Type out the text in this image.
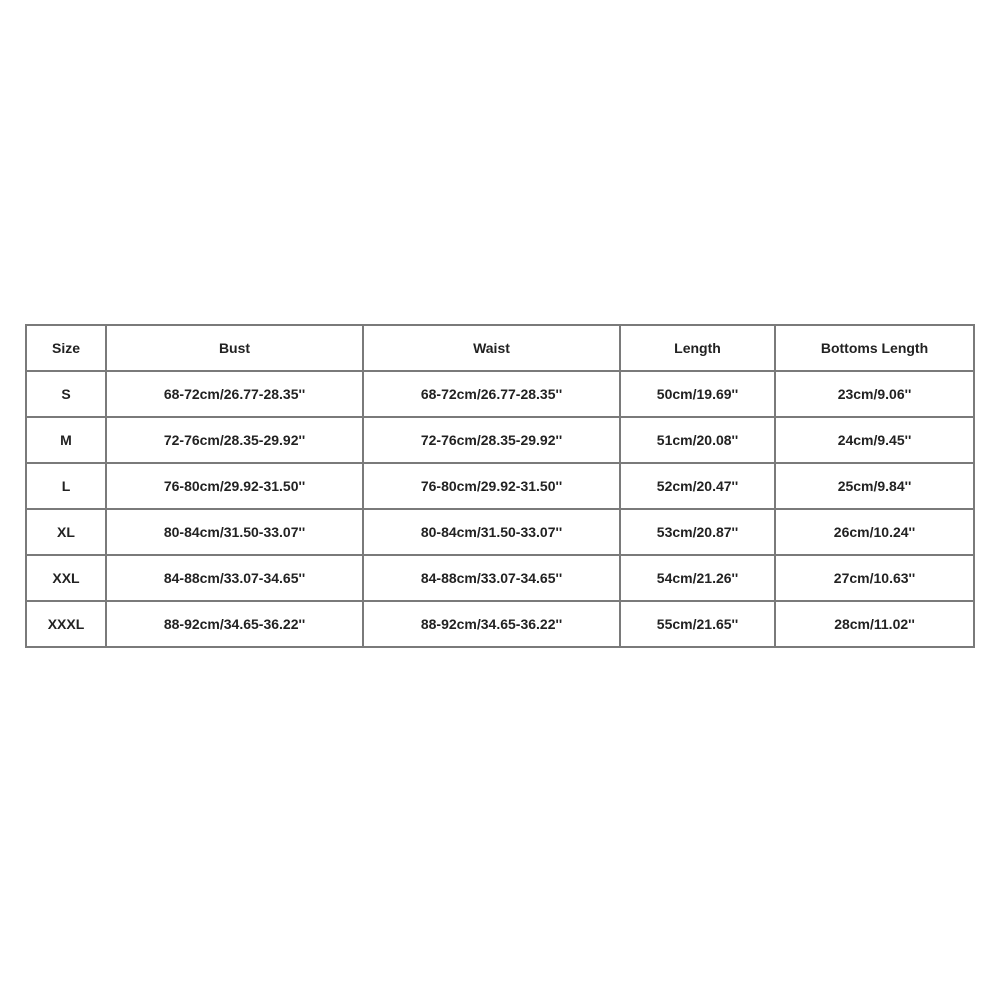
Size	Bust	Waist	Length	Bottoms Length
S	68-72cm/26.77-28.35''	68-72cm/26.77-28.35''	50cm/19.69''	23cm/9.06''
M	72-76cm/28.35-29.92''	72-76cm/28.35-29.92''	51cm/20.08''	24cm/9.45''
L	76-80cm/29.92-31.50''	76-80cm/29.92-31.50''	52cm/20.47''	25cm/9.84''
XL	80-84cm/31.50-33.07''	80-84cm/31.50-33.07''	53cm/20.87''	26cm/10.24''
XXL	84-88cm/33.07-34.65''	84-88cm/33.07-34.65''	54cm/21.26''	27cm/10.63''
XXXL	88-92cm/34.65-36.22''	88-92cm/34.65-36.22''	55cm/21.65''	28cm/11.02''
